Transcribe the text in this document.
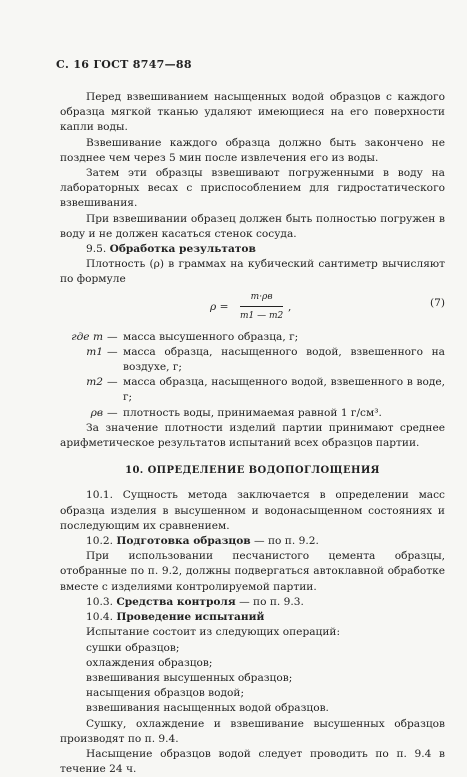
С. 16 ГОСТ 8747—88

Перед взвешиванием насыщенных водой образцов с каждого образца мягкой тканью удаляют имеющиеся на его поверхности капли воды.

Взвешивание каждого образца должно быть закончено не позднее чем через 5 мин после извлечения его из воды.

Затем эти образцы взвешивают погруженными в воду на лабораторных весах с приспособлением для гидростатического взвешивания.

При взвешивании образец должен быть полностью погружен в воду и не должен касаться стенок сосуда.

9.5. Обработка результатов

Плотность (ρ) в граммах на кубический сантиметр вычисляют по формуле

ρ =
m·ρв
m1 — m2
,	(7)
где m — масса высушенного образца, г;
m1 — масса образца, насыщенного водой, взвешенного на воздухе, г;
m2 — масса образца, насыщенного водой, взвешенного в воде, г;
ρв — плотность воды, принимаемая равной 1 г/см³.

За значение плотности изделий партии принимают среднее арифметическое результатов испытаний всех образцов партии.

10. ОПРЕДЕЛЕНИЕ ВОДОПОГЛОЩЕНИЯ

10.1. Сущность метода заключается в определении масс образца изделия в высушенном и водонасыщенном состояниях и последующим их сравнением.

10.2. Подготовка образцов — по п. 9.2.

При использовании песчанистого цемента образцы, отобранные по п. 9.2, должны подвергаться автоклавной обработке вместе с изделиями контролируемой партии.

10.3. Средства контроля — по п. 9.3.

10.4. Проведение испытаний

Испытание состоит из следующих операций:

сушки образцов;
охлаждения образцов;
взвешивания высушенных образцов;
насыщения образцов водой;
взвешивания насыщенных водой образцов.

Сушку, охлаждение и взвешивание высушенных образцов производят по п. 9.4.

Насыщение образцов водой следует проводить по п. 9.4 в течение 24 ч.
